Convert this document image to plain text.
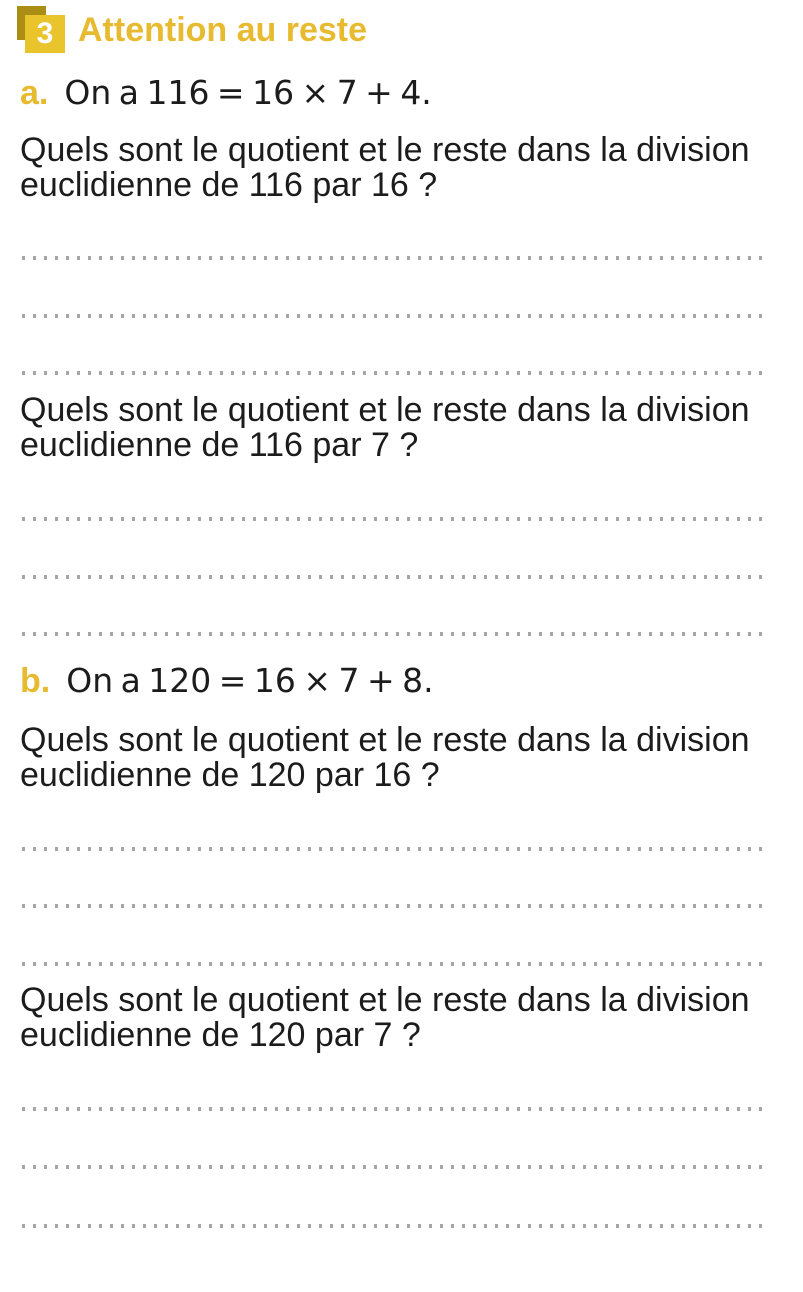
3 Attention au reste

a. On a 116 = 16 × 7 + 4.

Quels sont le quotient et le reste dans la division euclidienne de 116 par 16 ?

Quels sont le quotient et le reste dans la division euclidienne de 116 par 7 ?

b. On a 120 = 16 × 7 + 8.

Quels sont le quotient et le reste dans la division euclidienne de 120 par 16 ?

Quels sont le quotient et le reste dans la division euclidienne de 120 par 7 ?
